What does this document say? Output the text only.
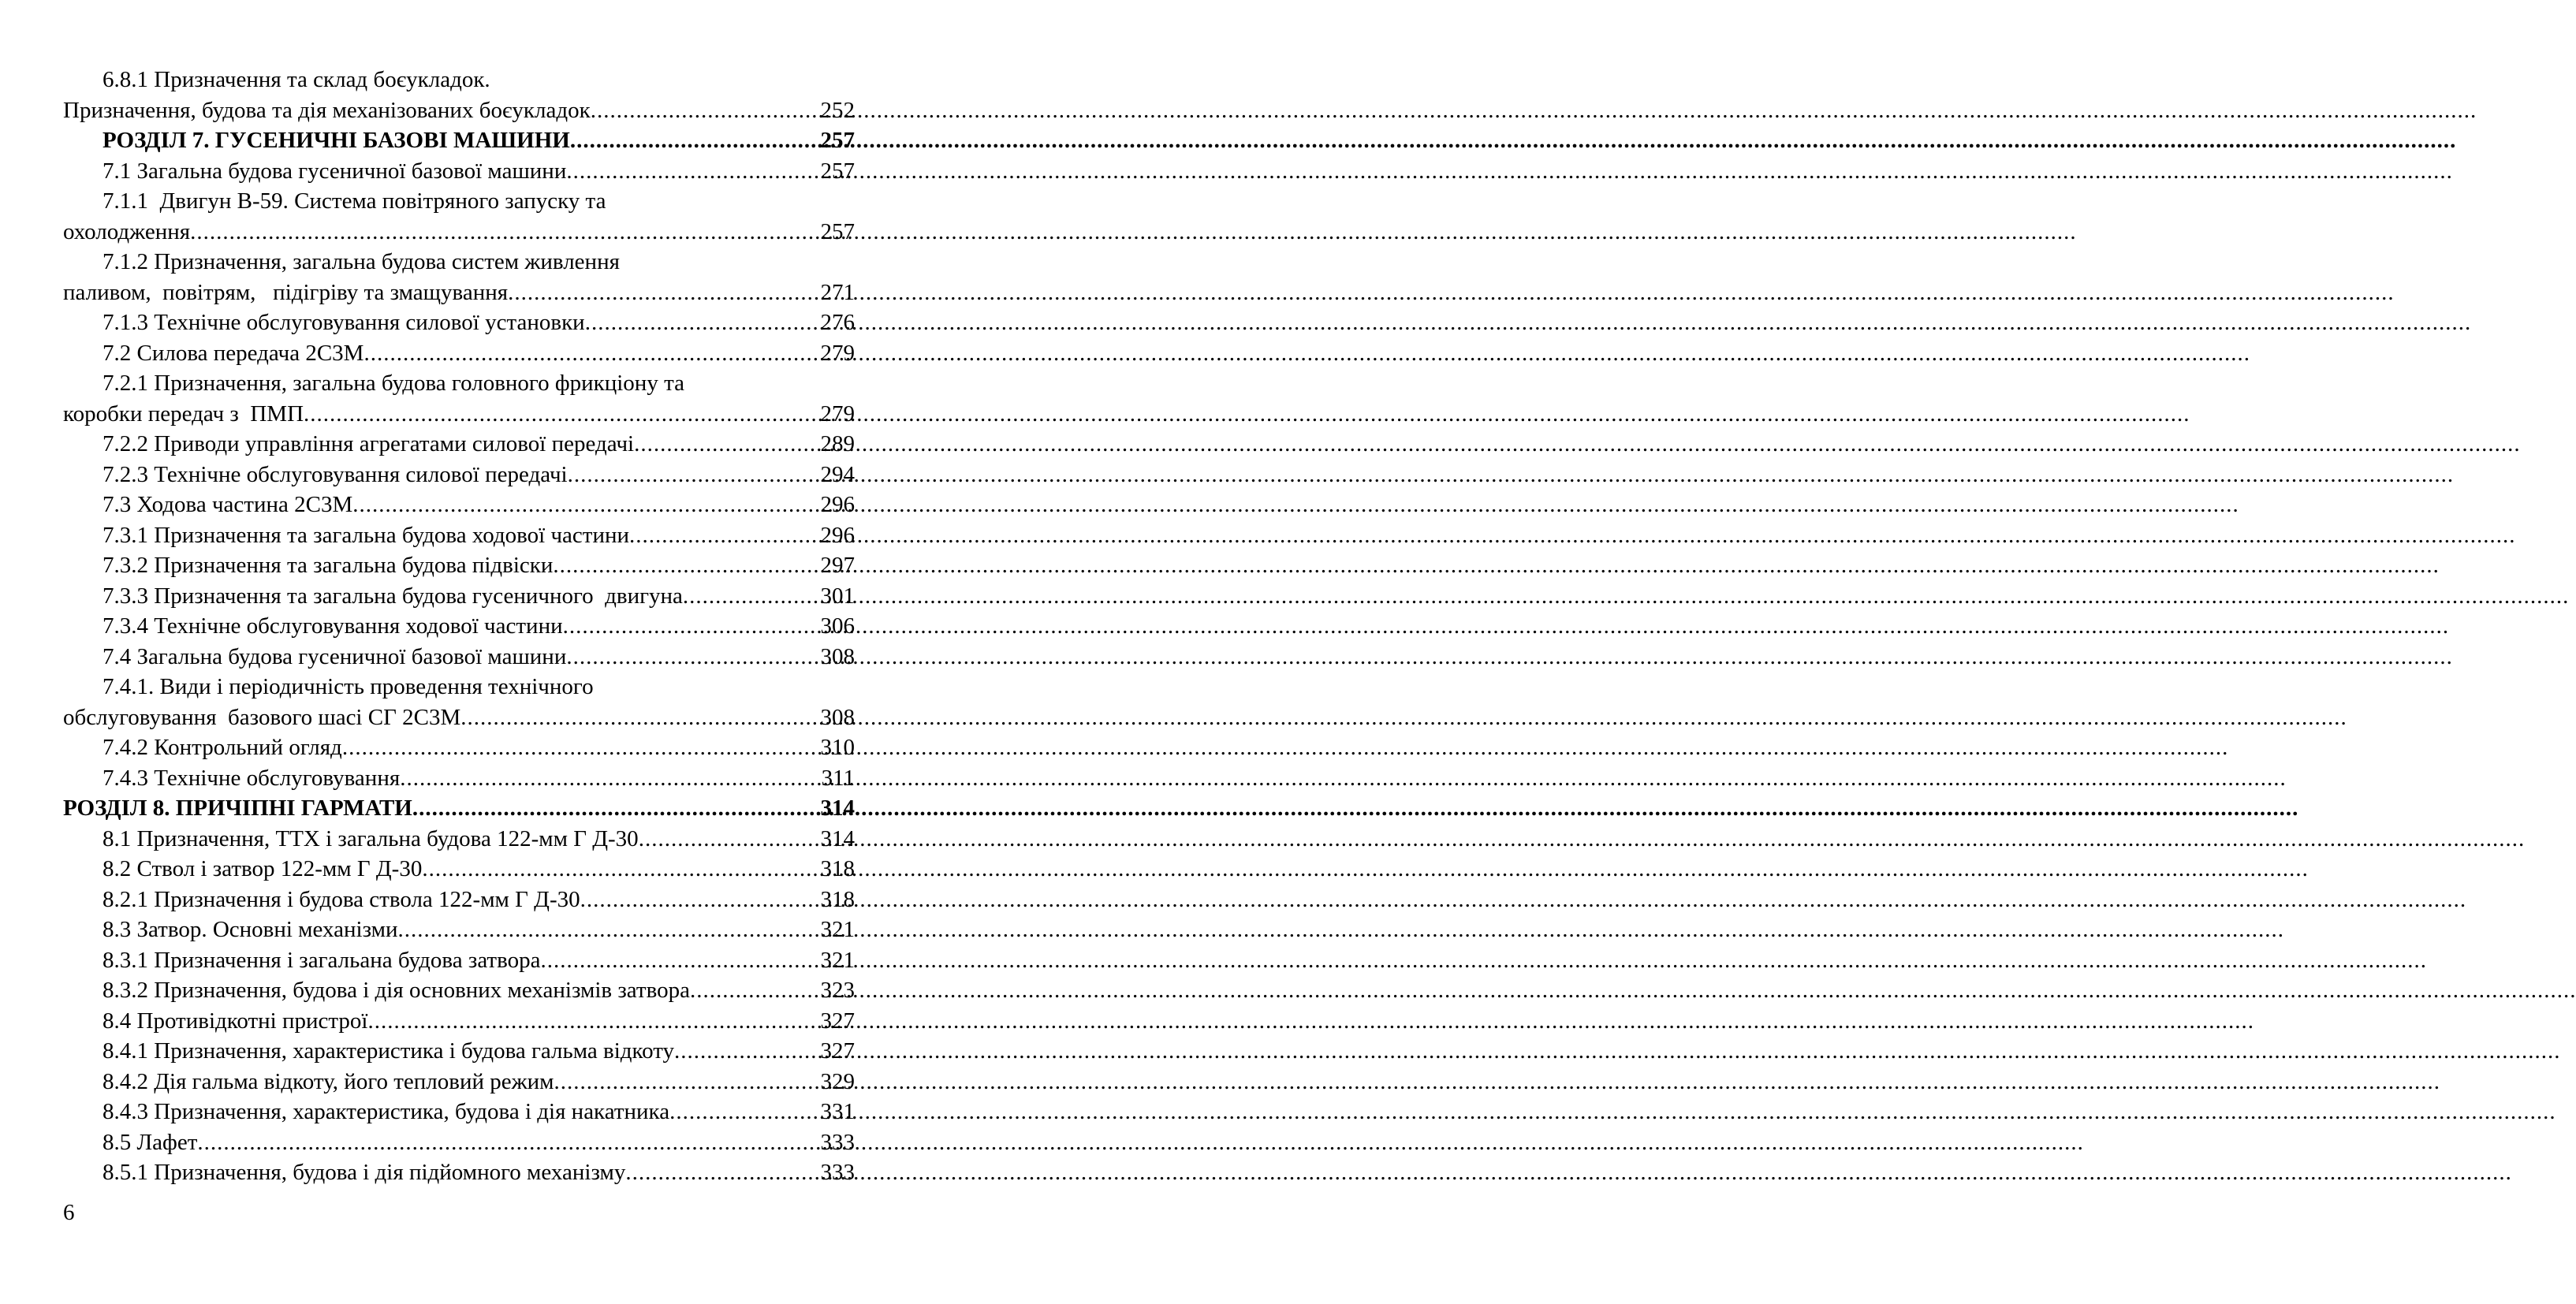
6.8.1 Призначення та склад боєукладок.
Призначення, будова та дія механізованих боєукладок .....	252
РОЗДІЛ 7. ГУСЕНИЧНІ БАЗОВІ МАШИНИ .....	257
7.1 Загальна будова гусеничної базової машини .....	257
7.1.1  Двигун В-59. Система повітряного запуску та
охолодження .....	257
7.1.2 Призначення, загальна будова систем живлення
паливом,  повітрям,   підігріву та змащування .....	271
7.1.3 Технічне обслуговування силової установки .....	276
7.2 Силова передача 2С3М .....	279
7.2.1 Призначення, загальна будова головного фрикціону та
коробки передач з  ПМП .....	279
7.2.2 Приводи управління агрегатами силової передачі .....	289
7.2.3 Технічне обслуговування силової передачі .....	294
7.3 Ходова частина 2С3М .....	296
7.3.1 Призначення та загальна будова ходової частини .....	296
7.3.2 Призначення та загальна будова підвіски .....	297
7.3.3 Призначення та загальна будова гусеничного  двигуна .....	301
7.3.4 Технічне обслуговування ходової частини .....	306
7.4 Загальна будова гусеничної базової машини .....	308
7.4.1. Види і періодичність проведення технічного
обслуговування  базового шасі СГ 2С3М .....	308
7.4.2 Контрольний огляд .....	310
7.4.3 Технічне обслуговування .....	311
РОЗДІЛ 8. ПРИЧІПНІ ГАРМАТИ .....	314
8.1 Призначення, ТТХ і загальна будова 122-мм Г Д-30 .....	314
8.2 Ствол і затвор 122-мм Г Д-30 .....	318
8.2.1 Призначення і будова ствола 122-мм Г Д-30 .....	318
8.3 Затвор. Основні механізми .....	321
8.3.1 Призначення і загальана будова затвора .....	321
8.3.2 Призначення, будова і дія основних механізмів затвора .....	323
8.4 Противідкотні пристрої .....	327
8.4.1 Призначення, характеристика і будова гальма відкоту .....	327
8.4.2 Дія гальма відкоту, його тепловий режим .....	329
8.4.3 Призначення, характеристика, будова і дія накатника .....	331
8.5 Лафет .....	333
8.5.1 Призначення, будова і дія підйомного механізму .....	333
6
